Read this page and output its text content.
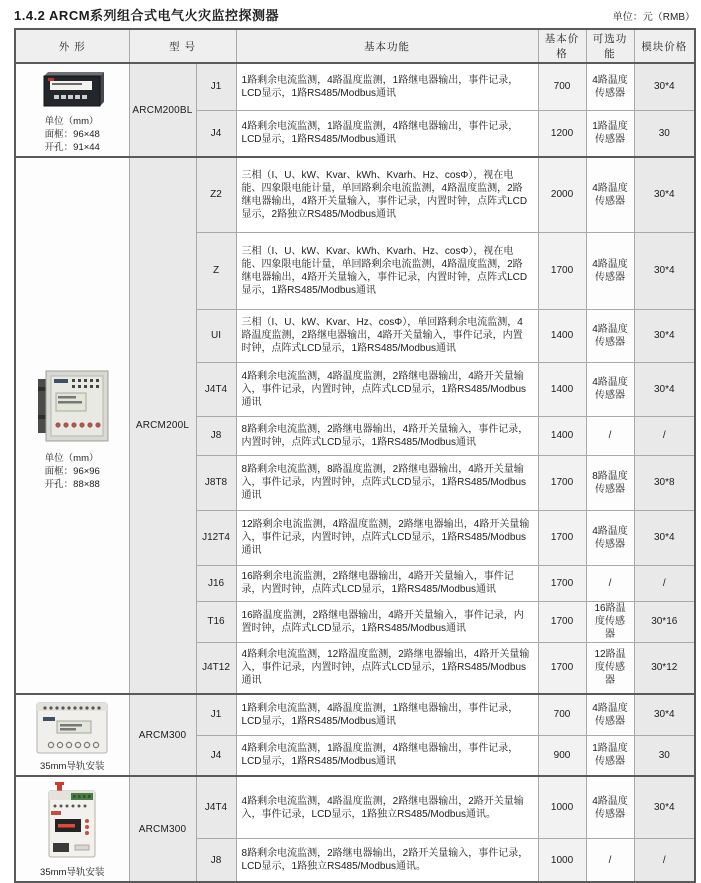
1.4.2 ARCM系列组合式电气火灾监控探测器	单位：元（RMB）
外 形	型 号		基本功能	基本价格	可选功能	模块价格

单位（mm）
面框：96×48
开孔：91×44	ARCM200BL	J1	1路剩余电流监测，4路温度监测，1路继电器输出，事件记录，LCD显示，1路RS485/Modbus通讯	700	4路温度传感器	30*4
		J4	4路剩余电流监测，1路温度监测，4路继电器输出，事件记录，LCD显示，1路RS485/Modbus通讯	1200	1路温度传感器	30

单位（mm）
面框：96×96
开孔：88×88	ARCM200L	Z2	三相（I、U、kW、Kvar、kWh、Kvarh、Hz、cosΦ），视在电能、四象限电能计量，单回路剩余电流监测，4路温度监测，2路继电器输出，4路开关量输入，事件记录，内置时钟，点阵式LCD显示，2路独立RS485/Modbus通讯	2000	4路温度传感器	30*4
		Z	三相（I、U、kW、Kvar、kWh、Kvarh、Hz、cosΦ），视在电能、四象限电能计量，单回路剩余电流监测，4路温度监测，2路继电器输出，4路开关量输入，事件记录，内置时钟，点阵式LCD显示，1路RS485/Modbus通讯	1700	4路温度传感器	30*4
		UI	三相（I、U、kW、Kvar、Hz、cosΦ），单回路剩余电流监测，4路温度监测，2路继电器输出，4路开关量输入，事件记录，内置时钟，点阵式LCD显示，1路RS485/Modbus通讯	1400	4路温度传感器	30*4
		J4T4	4路剩余电流监测，4路温度监测，2路继电器输出，4路开关量输入，事件记录，内置时钟，点阵式LCD显示，1路RS485/Modbus通讯	1400	4路温度传感器	30*4
		J8	8路剩余电流监测，2路继电器输出，4路开关量输入，事件记录，内置时钟，点阵式LCD显示，1路RS485/Modbus通讯	1400	/	/
		J8T8	8路剩余电流监测，8路温度监测，2路继电器输出，4路开关量输入，事件记录，内置时钟，点阵式LCD显示，1路RS485/Modbus通讯	1700	8路温度传感器	30*8
		J12T4	12路剩余电流监测，4路温度监测，2路继电器输出，4路开关量输入，事件记录，内置时钟，点阵式LCD显示，1路RS485/Modbus通讯	1700	4路温度传感器	30*4
		J16	16路剩余电流监测，2路继电器输出，4路开关量输入，事件记录，内置时钟，点阵式LCD显示，1路RS485/Modbus通讯	1700	/	/
		T16	16路温度监测，2路继电器输出，4路开关量输入，事件记录，内置时钟，点阵式LCD显示，1路RS485/Modbus通讯	1700	16路温度传感器	30*16
		J4T12	4路剩余电流监测，12路温度监测，2路继电器输出，4路开关量输入，事件记录，内置时钟，点阵式LCD显示，1路RS485/Modbus通讯	1700	12路温度传感器	30*12

35mm导轨安装	ARCM300	J1	1路剩余电流监测，4路温度监测，1路继电器输出，事件记录，LCD显示，1路RS485/Modbus通讯	700	4路温度传感器	30*4
		J4	4路剩余电流监测，1路温度监测，4路继电器输出，事件记录，LCD显示，1路RS485/Modbus通讯	900	1路温度传感器	30

35mm导轨安装	ARCM300	J4T4	4路剩余电流监测，4路温度监测，2路继电器输出，2路开关量输入，事件记录，LCD显示，1路独立RS485/Modbus通讯。	1000	4路温度传感器	30*4
		J8	8路剩余电流监测，2路继电器输出，2路开关量输入，事件记录，LCD显示，1路独立RS485/Modbus通讯。	1000	/	/
